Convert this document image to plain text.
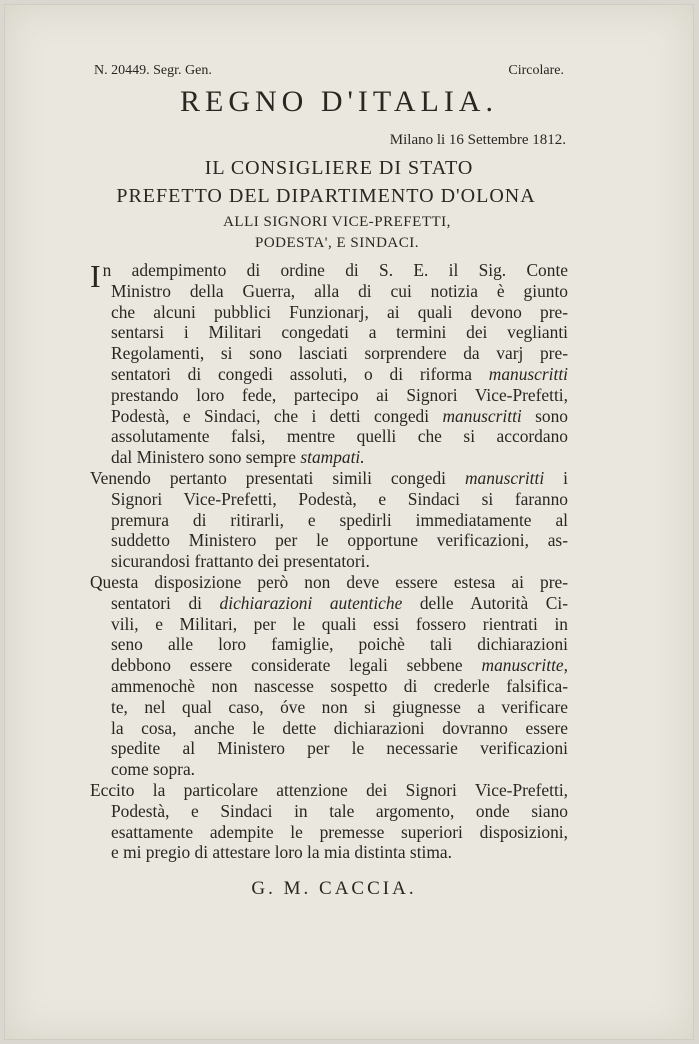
N. 20449. Segr. Gen.	Circolare.
REGNO D'ITALIA.
Milano li 16 Settembre 1812.
IL CONSIGLIERE DI STATO
PREFETTO DEL DIPARTIMENTO D'OLONA
ALLI SIGNORI VICE-PREFETTI,
PODESTA', E SINDACI.
In adempimento di ordine di S. E. il Sig. Conte
Ministro della Guerra, alla di cui notizia è giunto
che alcuni pubblici Funzionarj, ai quali devono pre-
sentarsi i Militari congedati a termini dei veglianti
Regolamenti, si sono lasciati sorprendere da varj pre-
sentatori di congedi assoluti, o di riforma manuscritti
prestando loro fede, partecipo ai Signori Vice-Prefetti,
Podestà, e Sindaci, che i detti congedi manuscritti sono
assolutamente falsi, mentre quelli che si accordano
dal Ministero sono sempre stampati.
Venendo pertanto presentati simili congedi manuscritti i
Signori Vice-Prefetti, Podestà, e Sindaci si faranno
premura di ritirarli, e spedirli immediatamente al
suddetto Ministero per le opportune verificazioni, as-
sicurandosi frattanto dei presentatori.
Questa disposizione però non deve essere estesa ai pre-
sentatori di dichiarazioni autentiche delle Autorità Ci-
vili, e Militari, per le quali essi fossero rientrati in
seno alle loro famiglie, poichè tali dichiarazioni
debbono essere considerate legali sebbene manuscritte,
ammenochè non nascesse sospetto di crederle falsifica-
te, nel qual caso, óve non si giugnesse a verificare
la cosa, anche le dette dichiarazioni dovranno essere
spedite al Ministero per le necessarie verificazioni
come sopra.
Eccito la particolare attenzione dei Signori Vice-Prefetti,
Podestà, e Sindaci in tale argomento, onde siano
esattamente adempite le premesse superiori disposizioni,
e mi pregio di attestare loro la mia distinta stima.
G. M. CACCIA.
